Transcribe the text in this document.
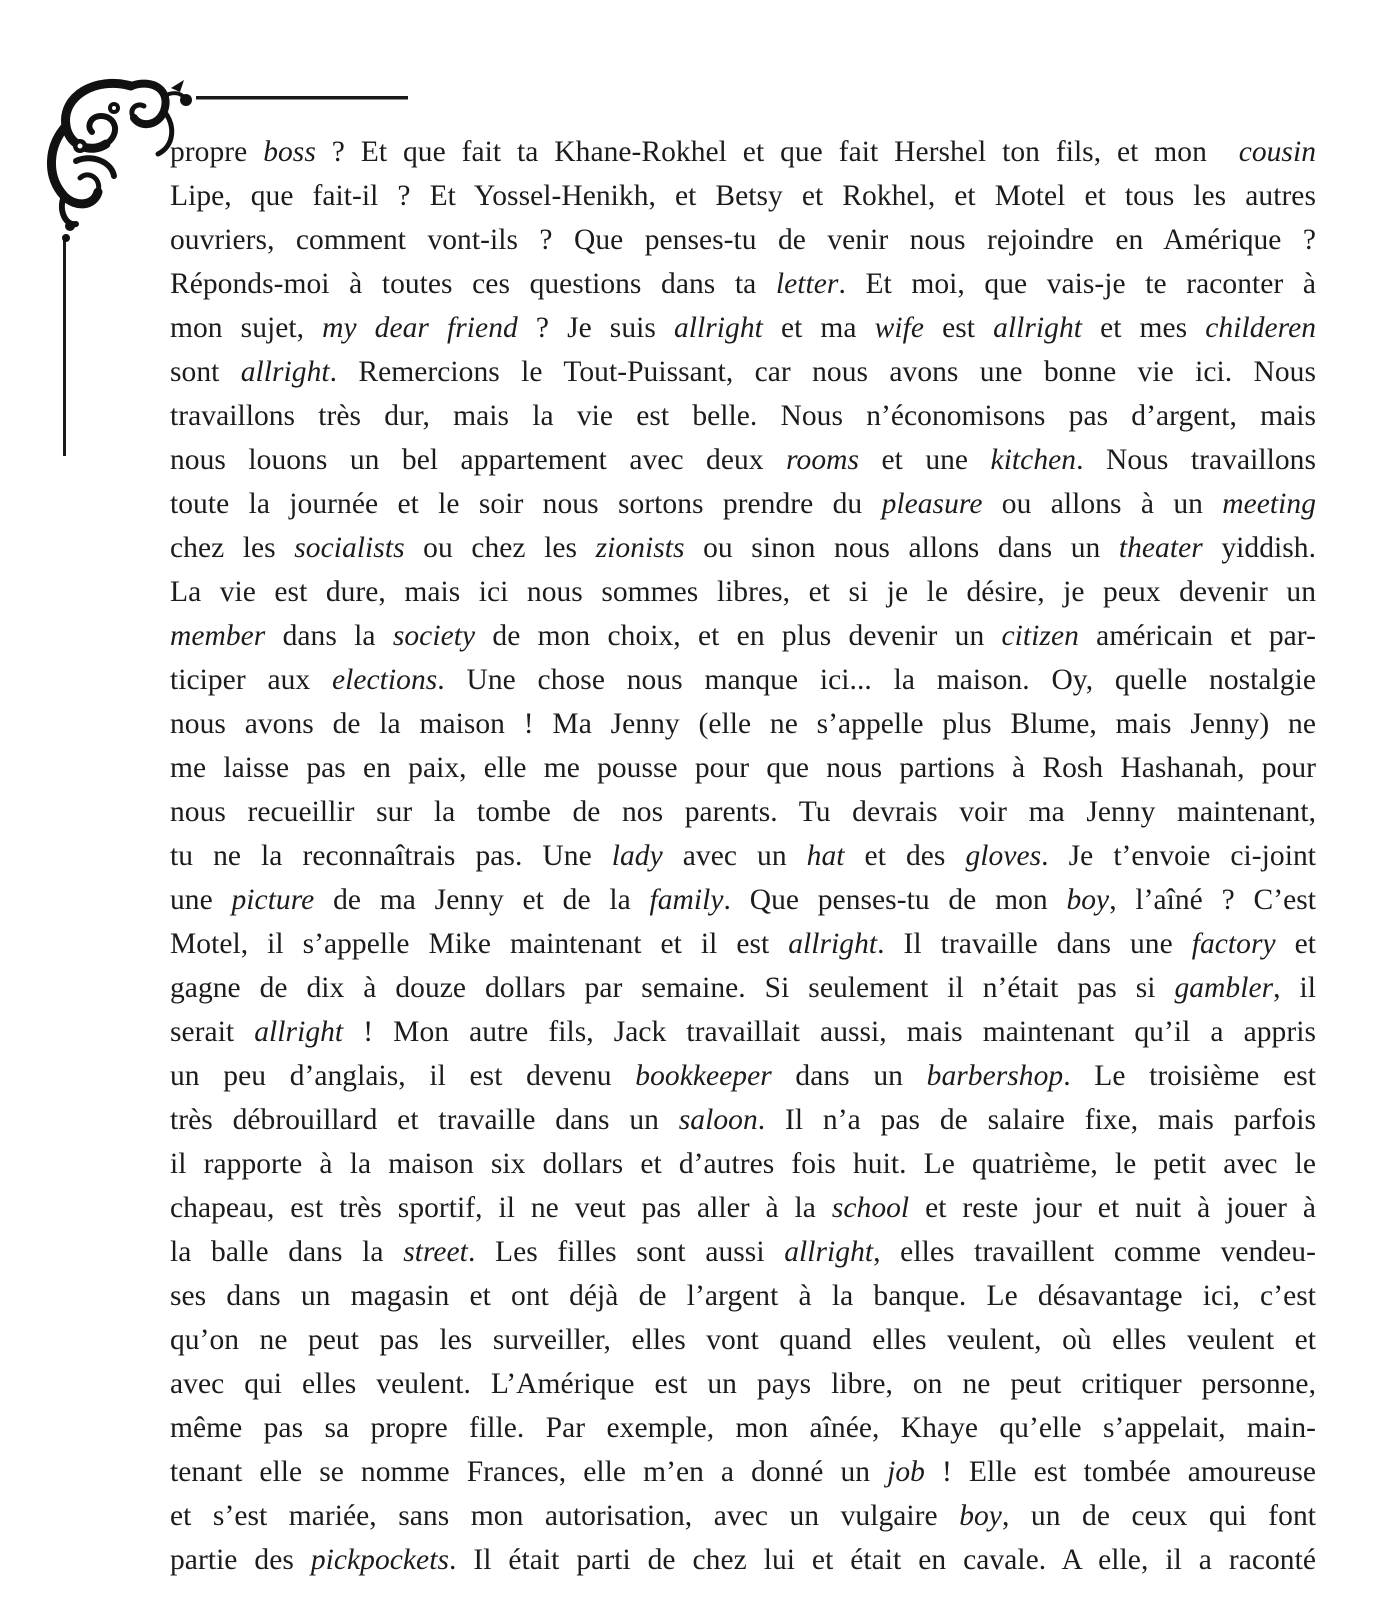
propre boss ? Et que fait ta Khane-Rokhel et que fait Hershel ton fils, et mon  cousin
Lipe, que fait-il ? Et Yossel-Henikh, et Betsy et Rokhel, et Motel et tous les autres
ouvriers, comment vont-ils ? Que penses-tu de venir nous rejoindre en Amérique ?
Réponds-moi à toutes ces questions dans ta letter. Et moi, que vais-je te raconter à
mon sujet, my dear friend ? Je suis allright et ma wife est allright et mes childeren
sont allright. Remercions le Tout-Puissant, car nous avons une bonne vie ici. Nous
travaillons très dur, mais la vie est belle. Nous n’économisons pas d’argent, mais
nous louons un bel appartement avec deux rooms et une kitchen. Nous travaillons
toute la journée et le soir nous sortons prendre du pleasure ou allons à un meeting
chez les socialists ou chez les zionists ou sinon nous allons dans un theater yiddish.
La vie est dure, mais ici nous sommes libres, et si je le désire, je peux devenir un
member dans la society de mon choix, et en plus devenir un citizen américain et par-
ticiper aux elections. Une chose nous manque ici... la maison. Oy, quelle nostalgie
nous avons de la maison ! Ma Jenny (elle ne s’appelle plus Blume, mais Jenny) ne
me laisse pas en paix, elle me pousse pour que nous partions à Rosh Hashanah, pour
nous recueillir sur la tombe de nos parents. Tu devrais voir ma Jenny maintenant,
tu ne la reconnaîtrais pas. Une lady avec un hat et des gloves. Je t’envoie ci-joint
une picture de ma Jenny et de la family. Que penses-tu de mon boy, l’aîné ? C’est
Motel, il s’appelle Mike maintenant et il est allright. Il travaille dans une factory et
gagne de dix à douze dollars par semaine. Si seulement il n’était pas si gambler, il
serait allright ! Mon autre fils, Jack travaillait aussi, mais maintenant qu’il a appris
un peu d’anglais, il est devenu bookkeeper dans un barbershop. Le troisième est
très débrouillard et travaille dans un saloon. Il n’a pas de salaire fixe, mais parfois
il rapporte à la maison six dollars et d’autres fois huit. Le quatrième, le petit avec le
chapeau, est très sportif, il ne veut pas aller à la school et reste jour et nuit à jouer à
la balle dans la street. Les filles sont aussi allright, elles travaillent comme vendeu-
ses dans un magasin et ont déjà de l’argent à la banque. Le désavantage ici, c’est
qu’on ne peut pas les surveiller, elles vont quand elles veulent, où elles veulent et
avec qui elles veulent. L’Amérique est un pays libre, on ne peut critiquer personne,
même pas sa propre fille. Par exemple, mon aînée, Khaye qu’elle s’appelait, main-
tenant elle se nomme Frances, elle m’en a donné un job ! Elle est tombée amoureuse
et s’est mariée, sans mon autorisation, avec un vulgaire boy, un de ceux qui font
partie des pickpockets. Il était parti de chez lui et était en cavale. A elle, il a raconté
